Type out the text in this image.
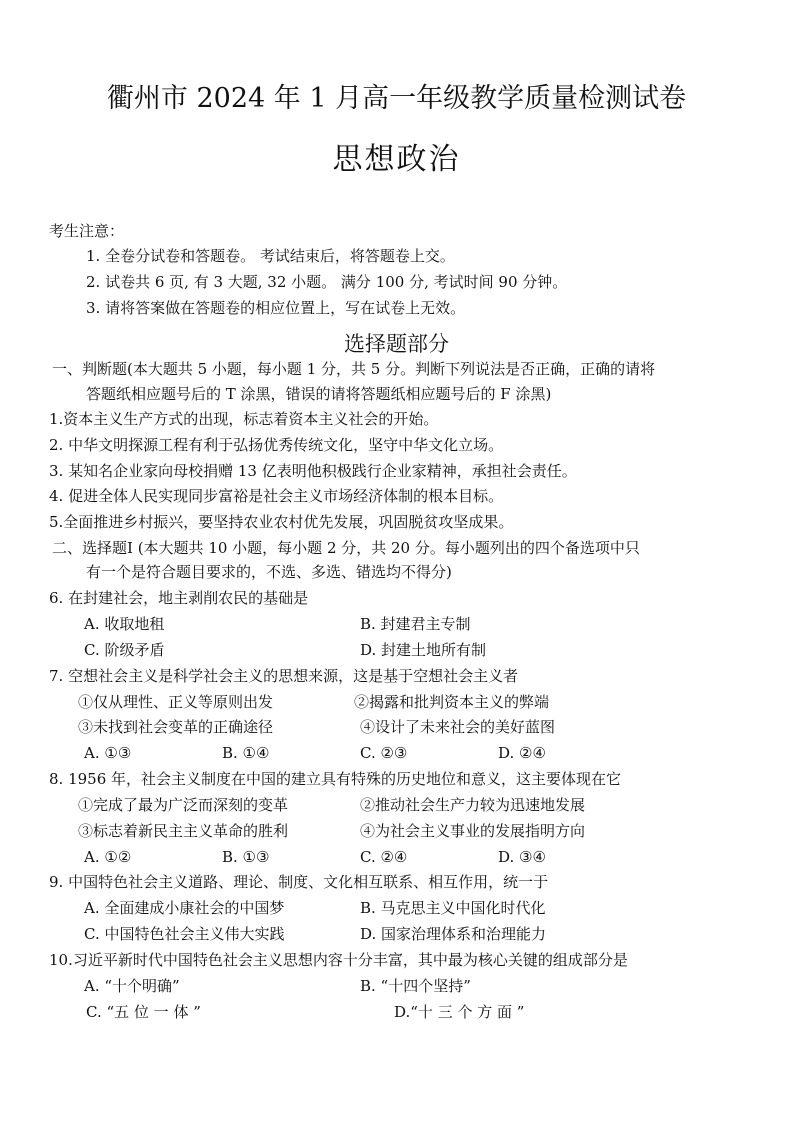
衢州市 2024 年 1 月高一年级教学质量检测试卷
思想政治
考生注意：
1. 全卷分试卷和答题卷。 考试结束后，将答题卷上交。
2. 试卷共 6 页, 有 3 大题, 32 小题。 满分 100 分, 考试时间 90 分钟。
3. 请将答案做在答题卷的相应位置上，写在试卷上无效。
选择题部分
一、判断题(本大题共 5 小题，每小题 1 分，共 5 分。判断下列说法是否正确，正确的请将
答题纸相应题号后的 T 涂黑，错误的请将答题纸相应题号后的 F 涂黑)
1.资本主义生产方式的出现，标志着资本主义社会的开始。
2. 中华文明探源工程有利于弘扬优秀传统文化，坚守中华文化立场。
3. 某知名企业家向母校捐赠 13 亿表明他积极践行企业家精神，承担社会责任。
4. 促进全体人民实现同步富裕是社会主义市场经济体制的根本目标。
5.全面推进乡村振兴，要坚持农业农村优先发展，巩固脱贫攻坚成果。
二、选择题Ⅰ (本大题共 10 小题，每小题 2 分，共 20 分。每小题列出的四个备选项中只
有一个是符合题目要求的，不选、多选、错选均不得分)
6. 在封建社会，地主剥削农民的基础是
A. 收取地租	B. 封建君主专制
C. 阶级矛盾	D. 封建土地所有制
7. 空想社会主义是科学社会主义的思想来源，这是基于空想社会主义者
①仅从理性、正义等原则出发	②揭露和批判资本主义的弊端
③未找到社会变革的正确途径	④设计了未来社会的美好蓝图
A. ①③	B. ①④	C. ②③	D. ②④
8. 1956 年，社会主义制度在中国的建立具有特殊的历史地位和意义，这主要体现在它
①完成了最为广泛而深刻的变革	②推动社会生产力较为迅速地发展
③标志着新民主主义革命的胜利	④为社会主义事业的发展指明方向
A. ①②	B. ①③	C. ②④	D. ③④
9. 中国特色社会主义道路、理论、制度、文化相互联系、相互作用，统一于
A. 全面建成小康社会的中国梦	B. 马克思主义中国化时代化
C. 中国特色社会主义伟大实践	D. 国家治理体系和治理能力
10.习近平新时代中国特色社会主义思想内容十分丰富，其中最为核心关键的组成部分是
A. “十个明确”	B. “十四个坚持”
C. “五 位 一 体 ”	D.“十 三 个 方 面 ”
